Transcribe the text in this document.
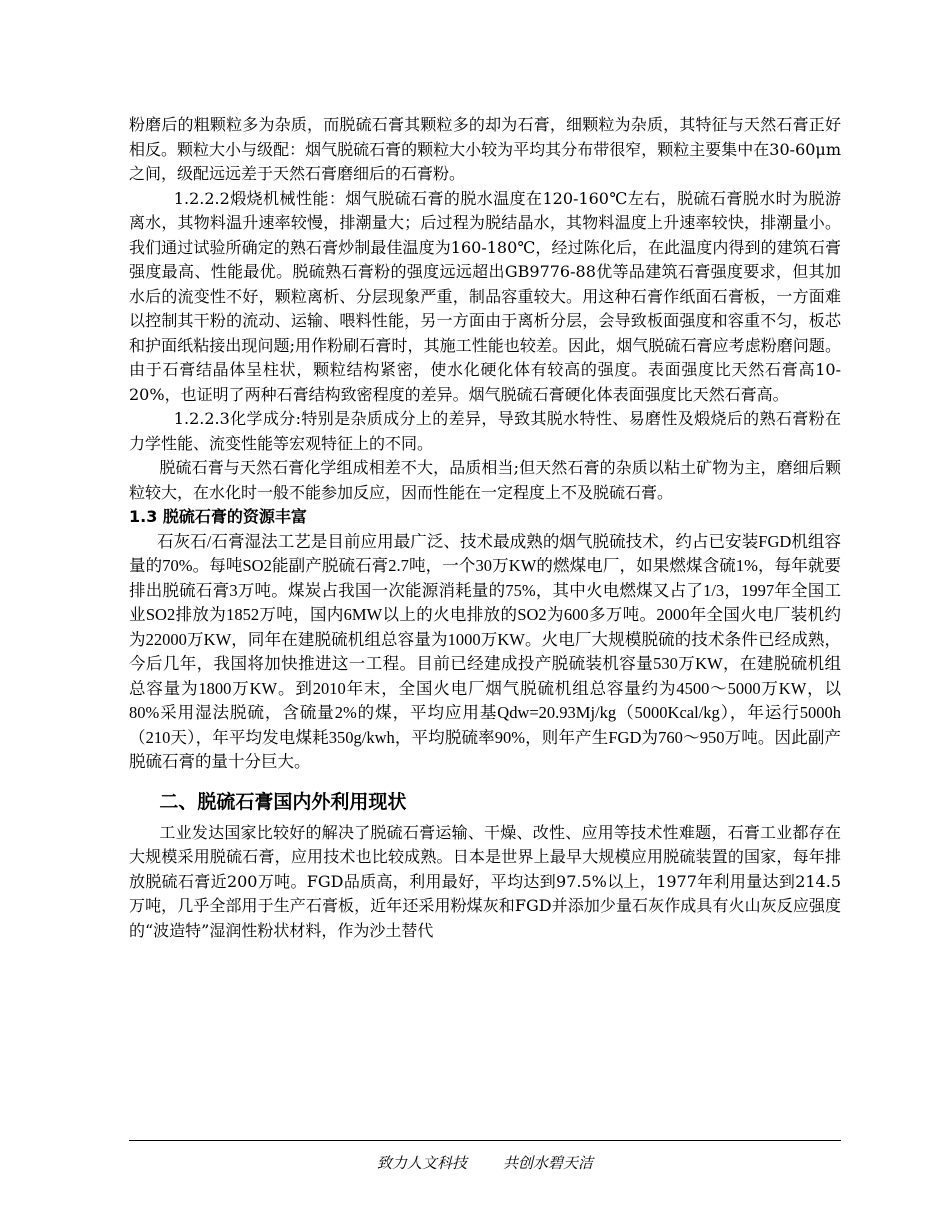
粉磨后的粗颗粒多为杂质，而脱硫石膏其颗粒多的却为石膏，细颗粒为杂质，其特征与天然石膏正好相反。颗粒大小与级配：烟气脱硫石膏的颗粒大小较为平均其分布带很窄，颗粒主要集中在30-60μm之间，级配远远差于天然石膏磨细后的石膏粉。

1.2.2.2煅烧机械性能：烟气脱硫石膏的脱水温度在120-160℃左右，脱硫石膏脱水时为脱游离水，其物料温升速率较慢，排潮量大；后过程为脱结晶水，其物料温度上升速率较快，排潮量小。我们通过试验所确定的熟石膏炒制最佳温度为160-180℃，经过陈化后，在此温度内得到的建筑石膏强度最高、性能最优。脱硫熟石膏粉的强度远远超出GB9776-88优等品建筑石膏强度要求，但其加水后的流变性不好，颗粒离析、分层现象严重，制品容重较大。用这种石膏作纸面石膏板，一方面难以控制其干粉的流动、运输、喂料性能，另一方面由于离析分层，会导致板面强度和容重不匀，板芯和护面纸粘接出现问题;用作粉刷石膏时，其施工性能也较差。因此，烟气脱硫石膏应考虑粉磨问题。由于石膏结晶体呈柱状，颗粒结构紧密，使水化硬化体有较高的强度。表面强度比天然石膏高10-20%，也证明了两种石膏结构致密程度的差异。烟气脱硫石膏硬化体表面强度比天然石膏高。

1.2.2.3化学成分:特别是杂质成分上的差异，导致其脱水特性、易磨性及煅烧后的熟石膏粉在力学性能、流变性能等宏观特征上的不同。

脱硫石膏与天然石膏化学组成相差不大，品质相当;但天然石膏的杂质以粘土矿物为主，磨细后颗粒较大，在水化时一般不能参加反应，因而性能在一定程度上不及脱硫石膏。

1.3 脱硫石膏的资源丰富

石灰石/石膏湿法工艺是目前应用最广泛、技术最成熟的烟气脱硫技术，约占已安装FGD机组容量的70%。每吨SO2能副产脱硫石膏2.7吨，一个30万KW的燃煤电厂，如果燃煤含硫1%，每年就要排出脱硫石膏3万吨。煤炭占我国一次能源消耗量的75%，其中火电燃煤又占了1/3，1997年全国工业SO2排放为1852万吨，国内6MW以上的火电排放的SO2为600多万吨。2000年全国火电厂装机约为22000万KW，同年在建脱硫机组总容量为1000万KW。火电厂大规模脱硫的技术条件已经成熟，今后几年，我国将加快推进这一工程。目前已经建成投产脱硫装机容量530万KW，在建脱硫机组总容量为1800万KW。到2010年末，全国火电厂烟气脱硫机组总容量约为4500～5000万KW，以80%采用湿法脱硫，含硫量2%的煤，平均应用基Qdw=20.93Mj/kg（5000Kcal/kg），年运行5000h（210天），年平均发电煤耗350g/kwh，平均脱硫率90%，则年产生FGD为760～950万吨。因此副产脱硫石膏的量十分巨大。

二、脱硫石膏国内外利用现状

工业发达国家比较好的解决了脱硫石膏运输、干燥、改性、应用等技术性难题，石膏工业都存在大规模采用脱硫石膏，应用技术也比较成熟。日本是世界上最早大规模应用脱硫装置的国家，每年排放脱硫石膏近200万吨。FGD品质高，利用最好，平均达到97.5%以上，1977年利用量达到214.5万吨，几乎全部用于生产石膏板，近年还采用粉煤灰和FGD并添加少量石灰作成具有火山灰反应强度的“波造特”湿润性粉状材料，作为沙土替代

致力人文科技 共创水碧天洁
